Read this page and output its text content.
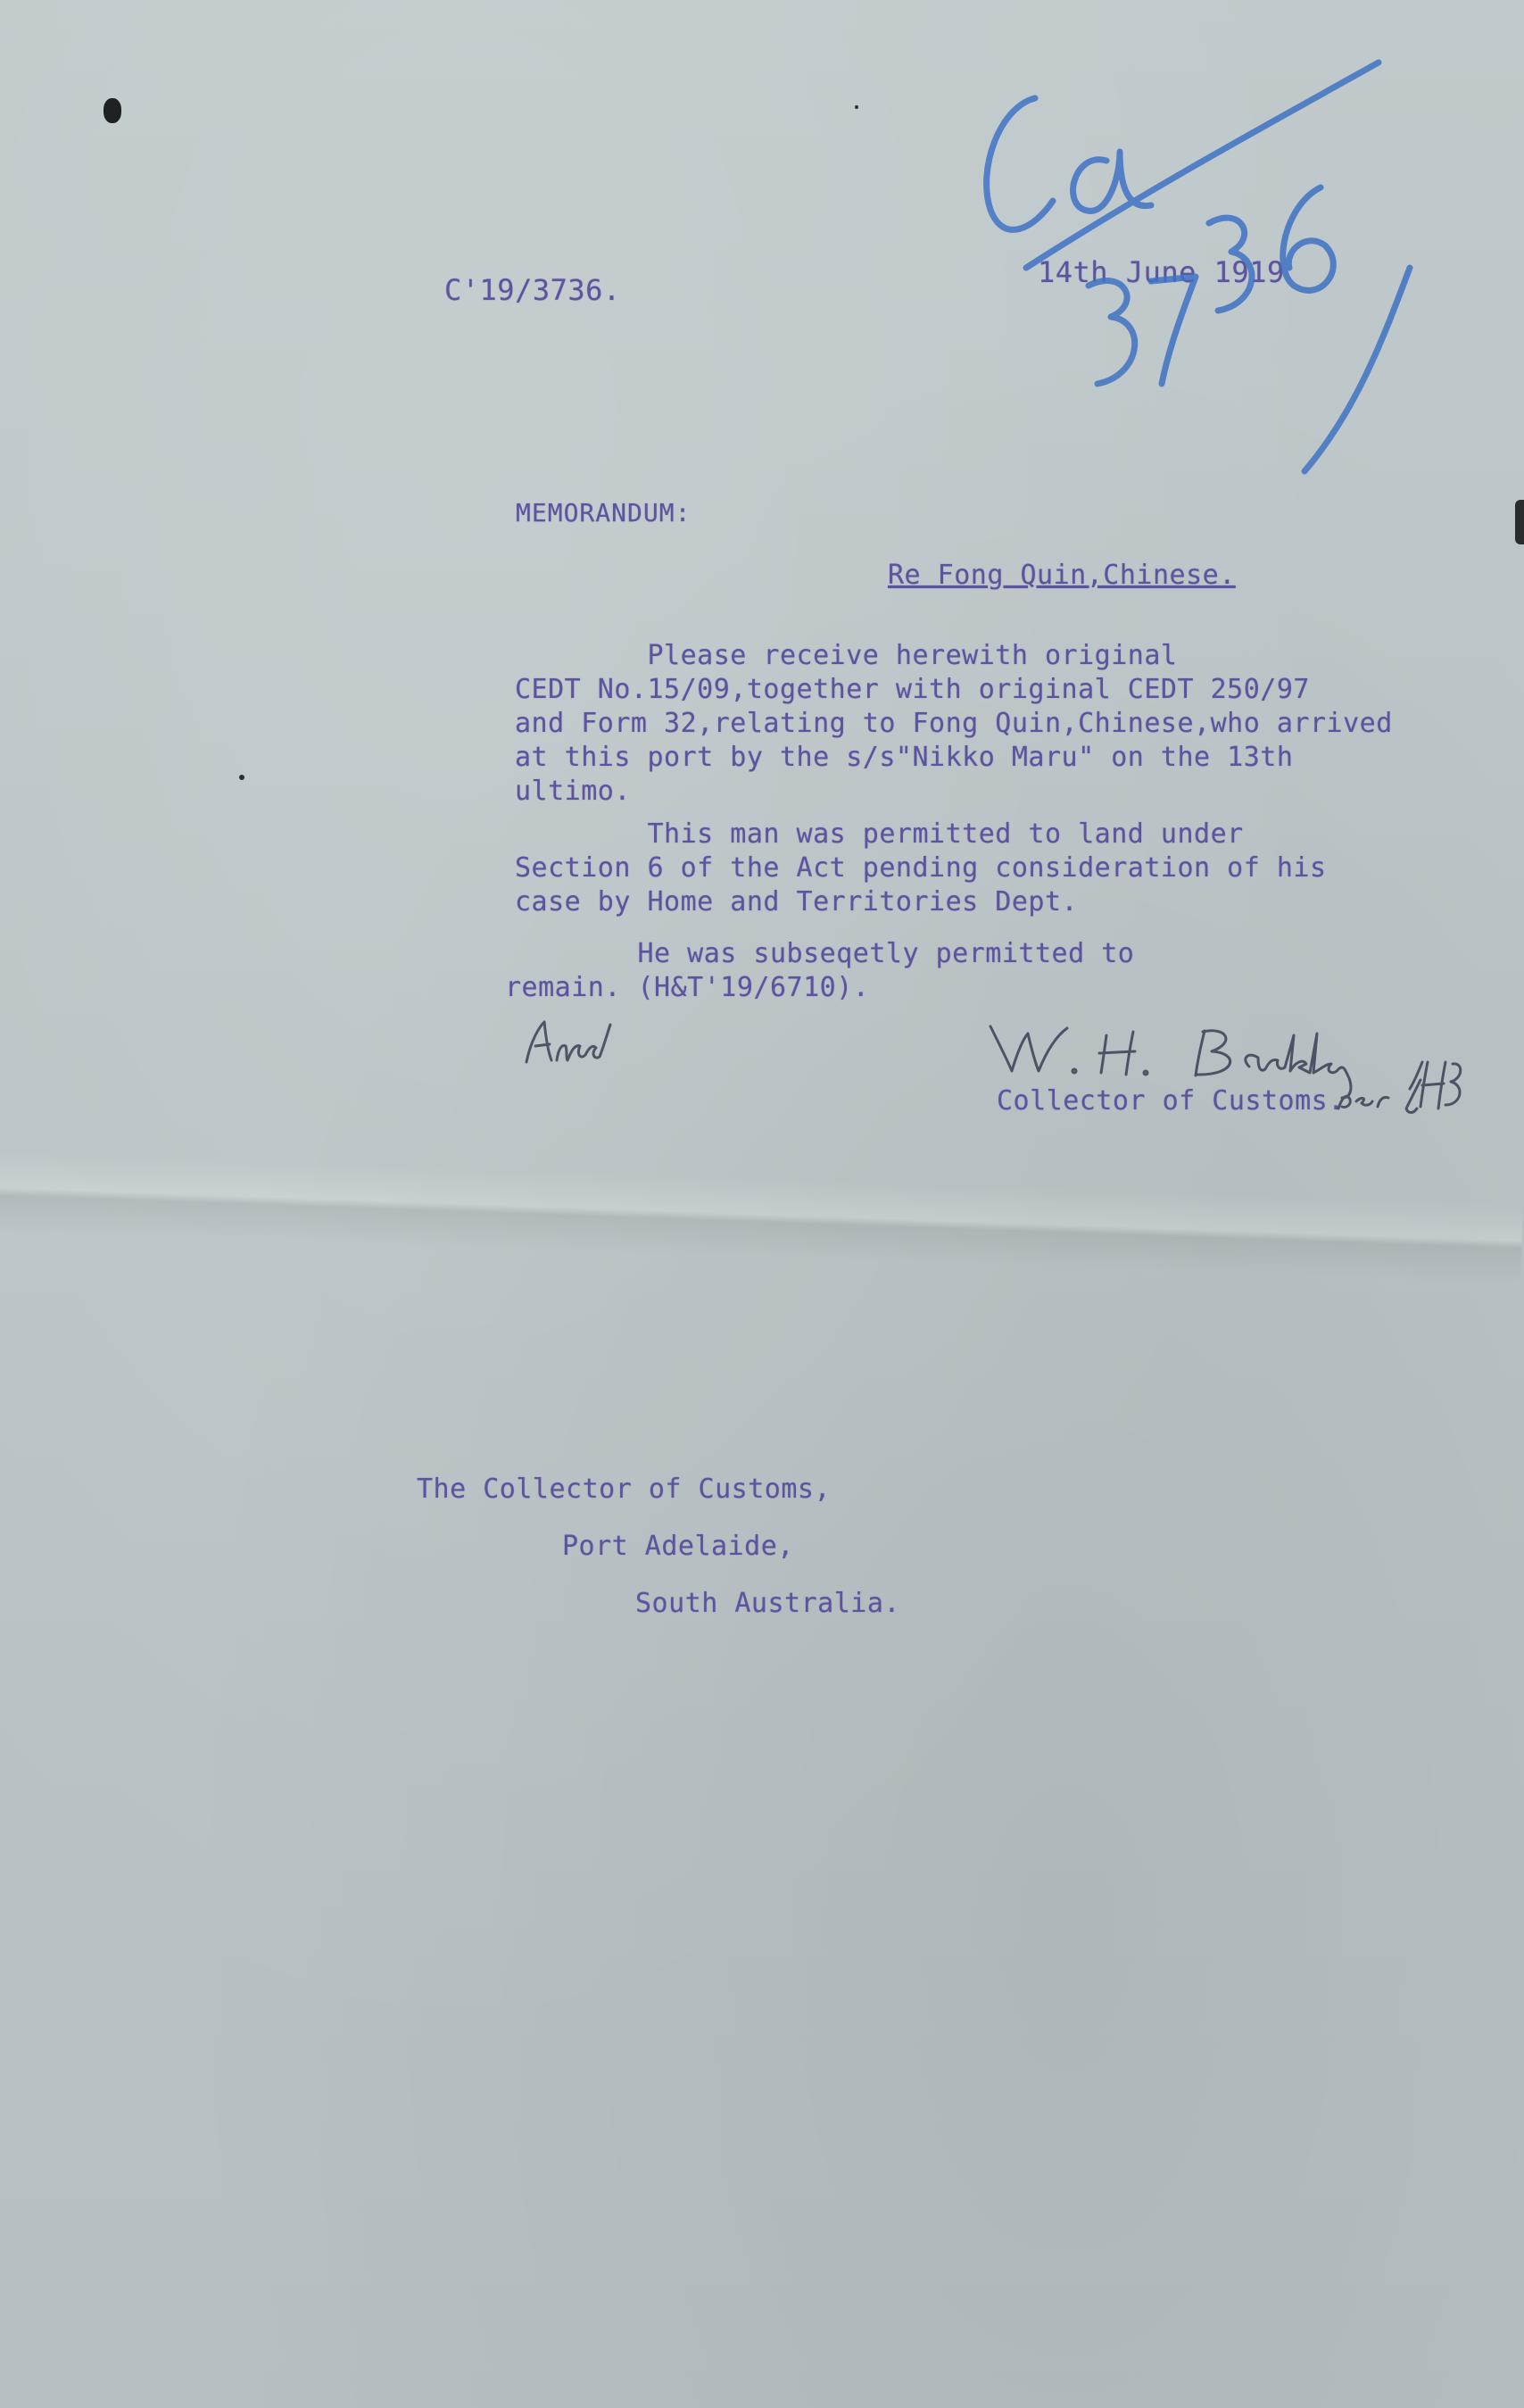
C'19/3736.
14th June 1919
MEMORANDUM:
Re Fong Quin,Chinese.
Please receive herewith original
CEDT No.15/09,together with original CEDT 250/97
and Form 32,relating to Fong Quin,Chinese,who arrived
at this port by the s/s"Nikko Maru" on the 13th
ultimo.
This man was permitted to land under
Section 6 of the Act pending consideration of his
case by Home and Territories Dept.
He was subseqetly permitted to
remain. (H&T'19/6710).
Collector of Customs.
The Collector of Customs,
Port Adelaide,
South Australia.
